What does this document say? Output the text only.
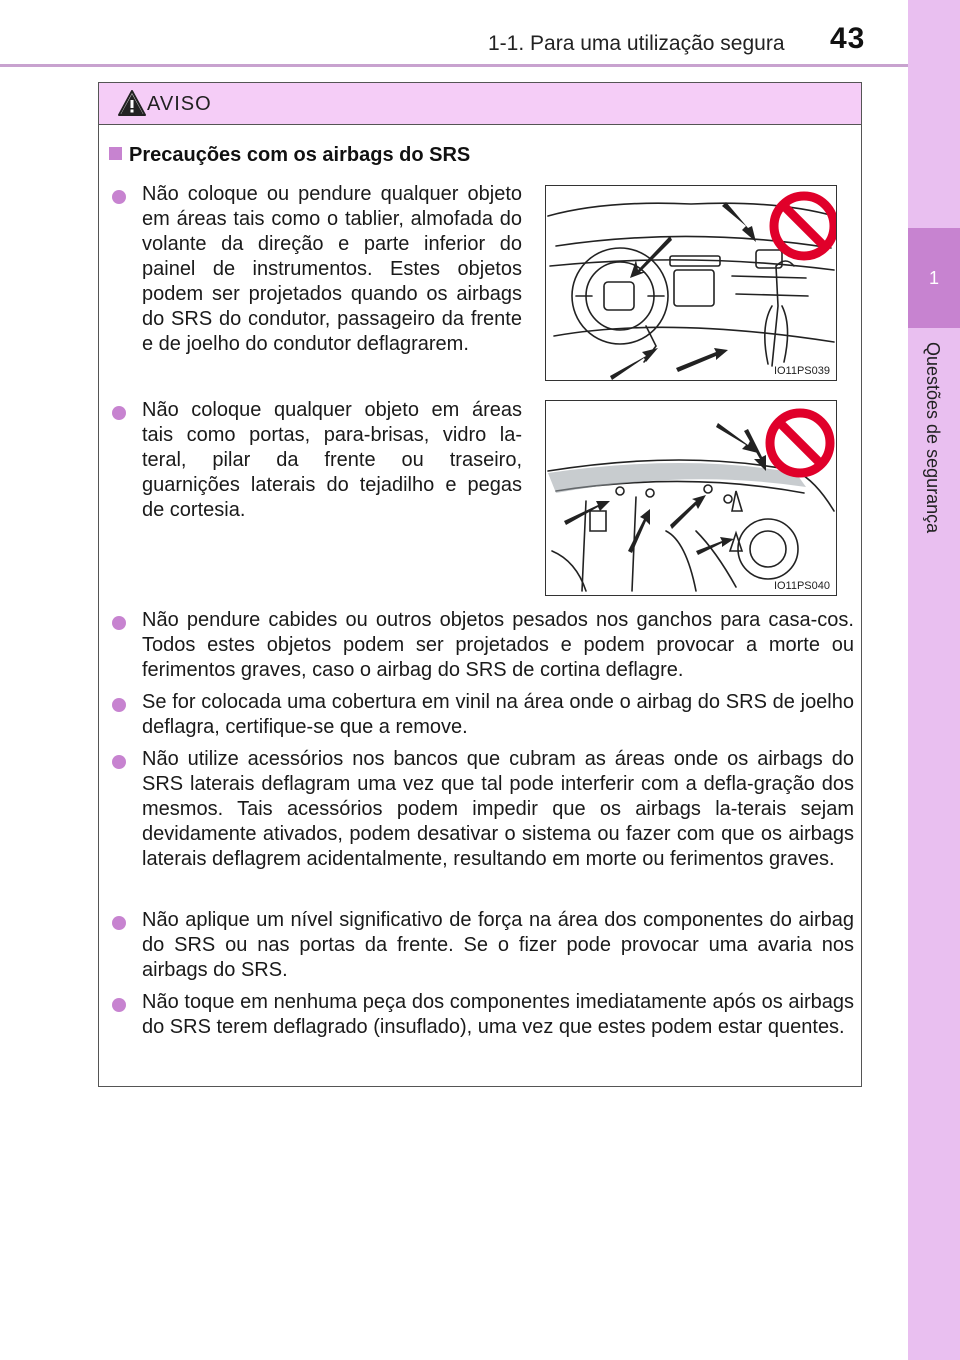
1-1. Para uma utilização segura 43
1
Questões de segurança
AVISO
Precauções com os airbags do SRS
Não coloque ou pendure qualquer objeto em áreas tais como o tablier, almofada do volante da direção e parte inferior do painel de instrumentos. Estes objetos podem ser projetados quando os airbags do SRS do condutor, passageiro da frente e de joelho do condutor deflagrarem.
IO11PS039
Não coloque qualquer objeto em áreas tais como portas, para-brisas, vidro la-teral, pilar da frente ou traseiro, guarnições laterais do tejadilho e pegas de cortesia.
IO11PS040
Não pendure cabides ou outros objetos pesados nos ganchos para casa-cos. Todos estes objetos podem ser projetados e podem provocar a morte ou ferimentos graves, caso o airbag do SRS de cortina deflagre.
Se for colocada uma cobertura em vinil na área onde o airbag do SRS de joelho deflagra, certifique-se que a remove.
Não utilize acessórios nos bancos que cubram as áreas onde os airbags do SRS laterais deflagram uma vez que tal pode interferir com a defla-gração dos mesmos. Tais acessórios podem impedir que os airbags la-terais sejam devidamente ativados, podem desativar o sistema ou fazer com que os airbags laterais deflagrem acidentalmente, resultando em morte ou ferimentos graves.
Não aplique um nível significativo de força na área dos componentes do airbag do SRS ou nas portas da frente. Se o fizer pode provocar uma avaria nos airbags do SRS.
Não toque em nenhuma peça dos componentes imediatamente após os airbags do SRS terem deflagrado (insuflado), uma vez que estes podem estar quentes.
